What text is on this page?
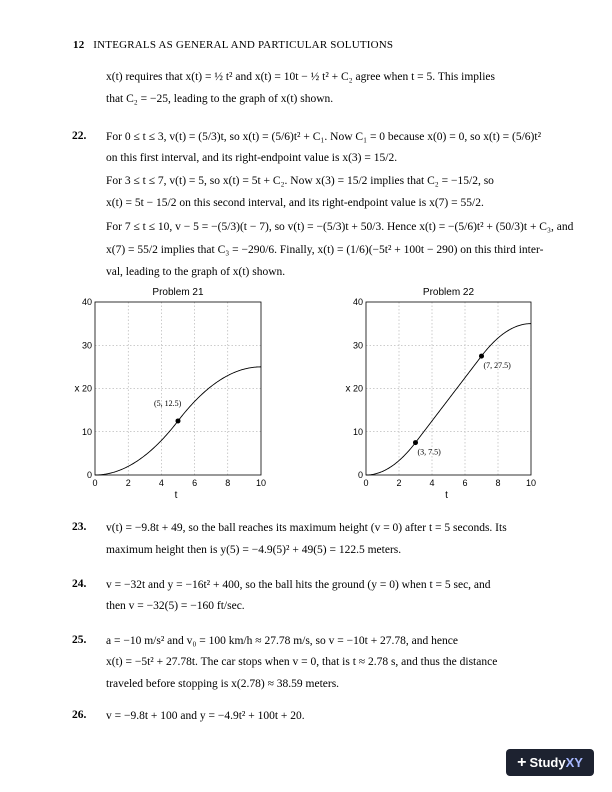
12 INTEGRALS AS GENERAL AND PARTICULAR SOLUTIONS
x(t) requires that x(t) = ½ t² and x(t) = 10t − ½ t² + C₂ agree when t = 5. This implies
that C₂ = −25, leading to the graph of x(t) shown.
22. For 0 ≤ t ≤ 3, v(t) = (5/3)t, so x(t) = (5/6)t² + C₁. Now C₁ = 0 because x(0) = 0, so x(t) = (5/6)t²
on this first interval, and its right-endpoint value is x(3) = 15/2.
For 3 ≤ t ≤ 7, v(t) = 5, so x(t) = 5t + C₂. Now x(3) = 15/2 implies that C₂ = −15/2, so
x(t) = 5t − 15/2 on this second interval, and its right-endpoint value is x(7) = 55/2.
For 7 ≤ t ≤ 10, v − 5 = −(5/3)(t − 7), so v(t) = −(5/3)t + 50/3. Hence x(t) = −(5/6)t² + (50/3)t + C₃, and
x(7) = 55/2 implies that C₃ = −290/6. Finally, x(t) = (1/6)(−5t² + 100t − 290) on this third inter-
val, leading to the graph of x(t) shown.
0	2	4	6	8	10
0
10
20
30
40
(5, 12.5)
Problem 21
t
x
0	2	4	6	8	10
0
10
20
30
40
(3, 7.5)
(7, 27.5)
Problem 22
t
x
23. v(t) = −9.8t + 49, so the ball reaches its maximum height (v = 0) after t = 5 seconds. Its
maximum height then is y(5) = −4.9(5)² + 49(5) = 122.5 meters.
24. v = −32t and y = −16t² + 400, so the ball hits the ground (y = 0) when t = 5 sec, and
then v = −32(5) = −160 ft/sec.
25. a = −10 m/s² and v₀ = 100 km/h ≈ 27.78 m/s, so v = −10t + 27.78, and hence
x(t) = −5t² + 27.78t. The car stops when v = 0, that is t ≈ 2.78 s, and thus the distance
traveled before stopping is x(2.78) ≈ 38.59 meters.
26. v = −9.8t + 100 and y = −4.9t² + 100t + 20.
+ Study XY
